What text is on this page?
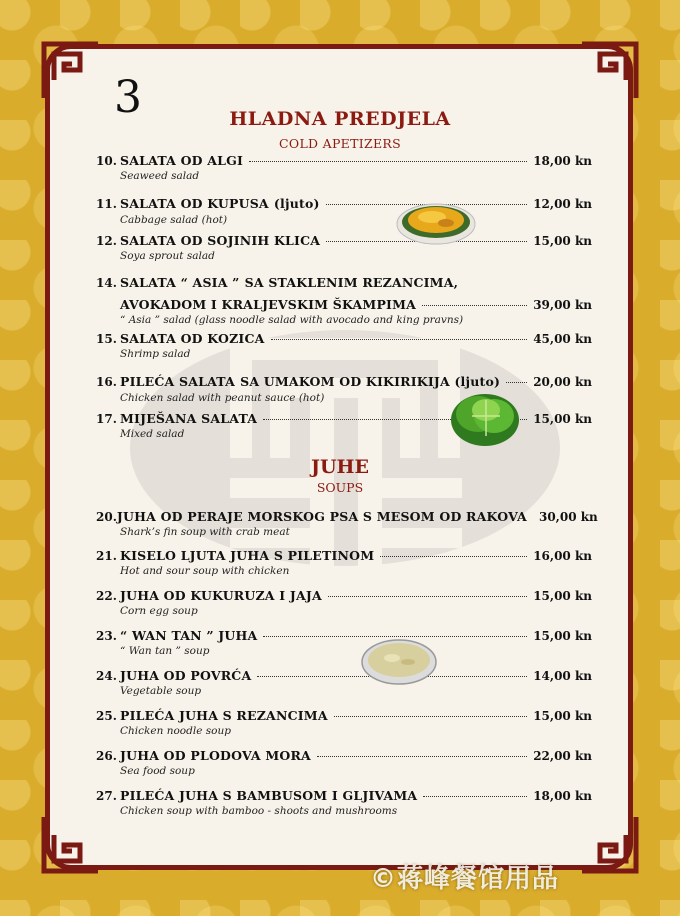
3	HLADNA PREDJELA
COLD APETIZERS
10. SALATA OD ALGI	18,00 kn
Seaweed salad
11. SALATA OD KUPUSA
(ljuto)	12,00 kn
Cabbage salad (hot)
12. SALATA OD SOJINIH KLICA	15,00 kn
Soya sprout salad
14. SALATA “ ASIA ”
SA STAKLENIM REZANCIMA,
AVOKADOM I KRALJEVSKIM ŠKAMPIMA	39,00 kn
“ Asia ” salad (glass noodle salad with avocado and king pravns)
15. SALATA OD KOZICA	45,00 kn
Shrimp salad
16. PILEĆA SALATA
SA UMAKOM OD KIKIRIKIJA (ljuto)	20,00 kn
Chicken salad with peanut sauce (hot)
17. MIJEŠANA SALATA	15,00 kn
Mixed salad
JUHE
SOUPS
20. JUHA OD PERAJE MORSKOG PSA S MESOM OD RAKOVA 30,00 kn
Shark’s fin soup with crab meat
21. KISELO LJUTA JUHA S PILETINOM	16,00 kn
Hot and sour soup with chicken
22. JUHA OD KUKURUZA I JAJA	15,00 kn
Corn egg soup
23. “ WAN TAN ” JUHA	15,00 kn
“ Wan tan ” soup
24. JUHA OD POVRĆA	14,00 kn
Vegetable soup
25. PILEĆA JUHA S REZANCIMA	15,00 kn
Chicken noodle soup
26. JUHA OD PLODOVA MORA	22,00 kn
Sea food soup
27. PILEĆA JUHA S BAMBUSOM I GLJIVAMA	18,00 kn
Chicken soup with bamboo - shoots and mushrooms
©蒋峰餐馆用品
